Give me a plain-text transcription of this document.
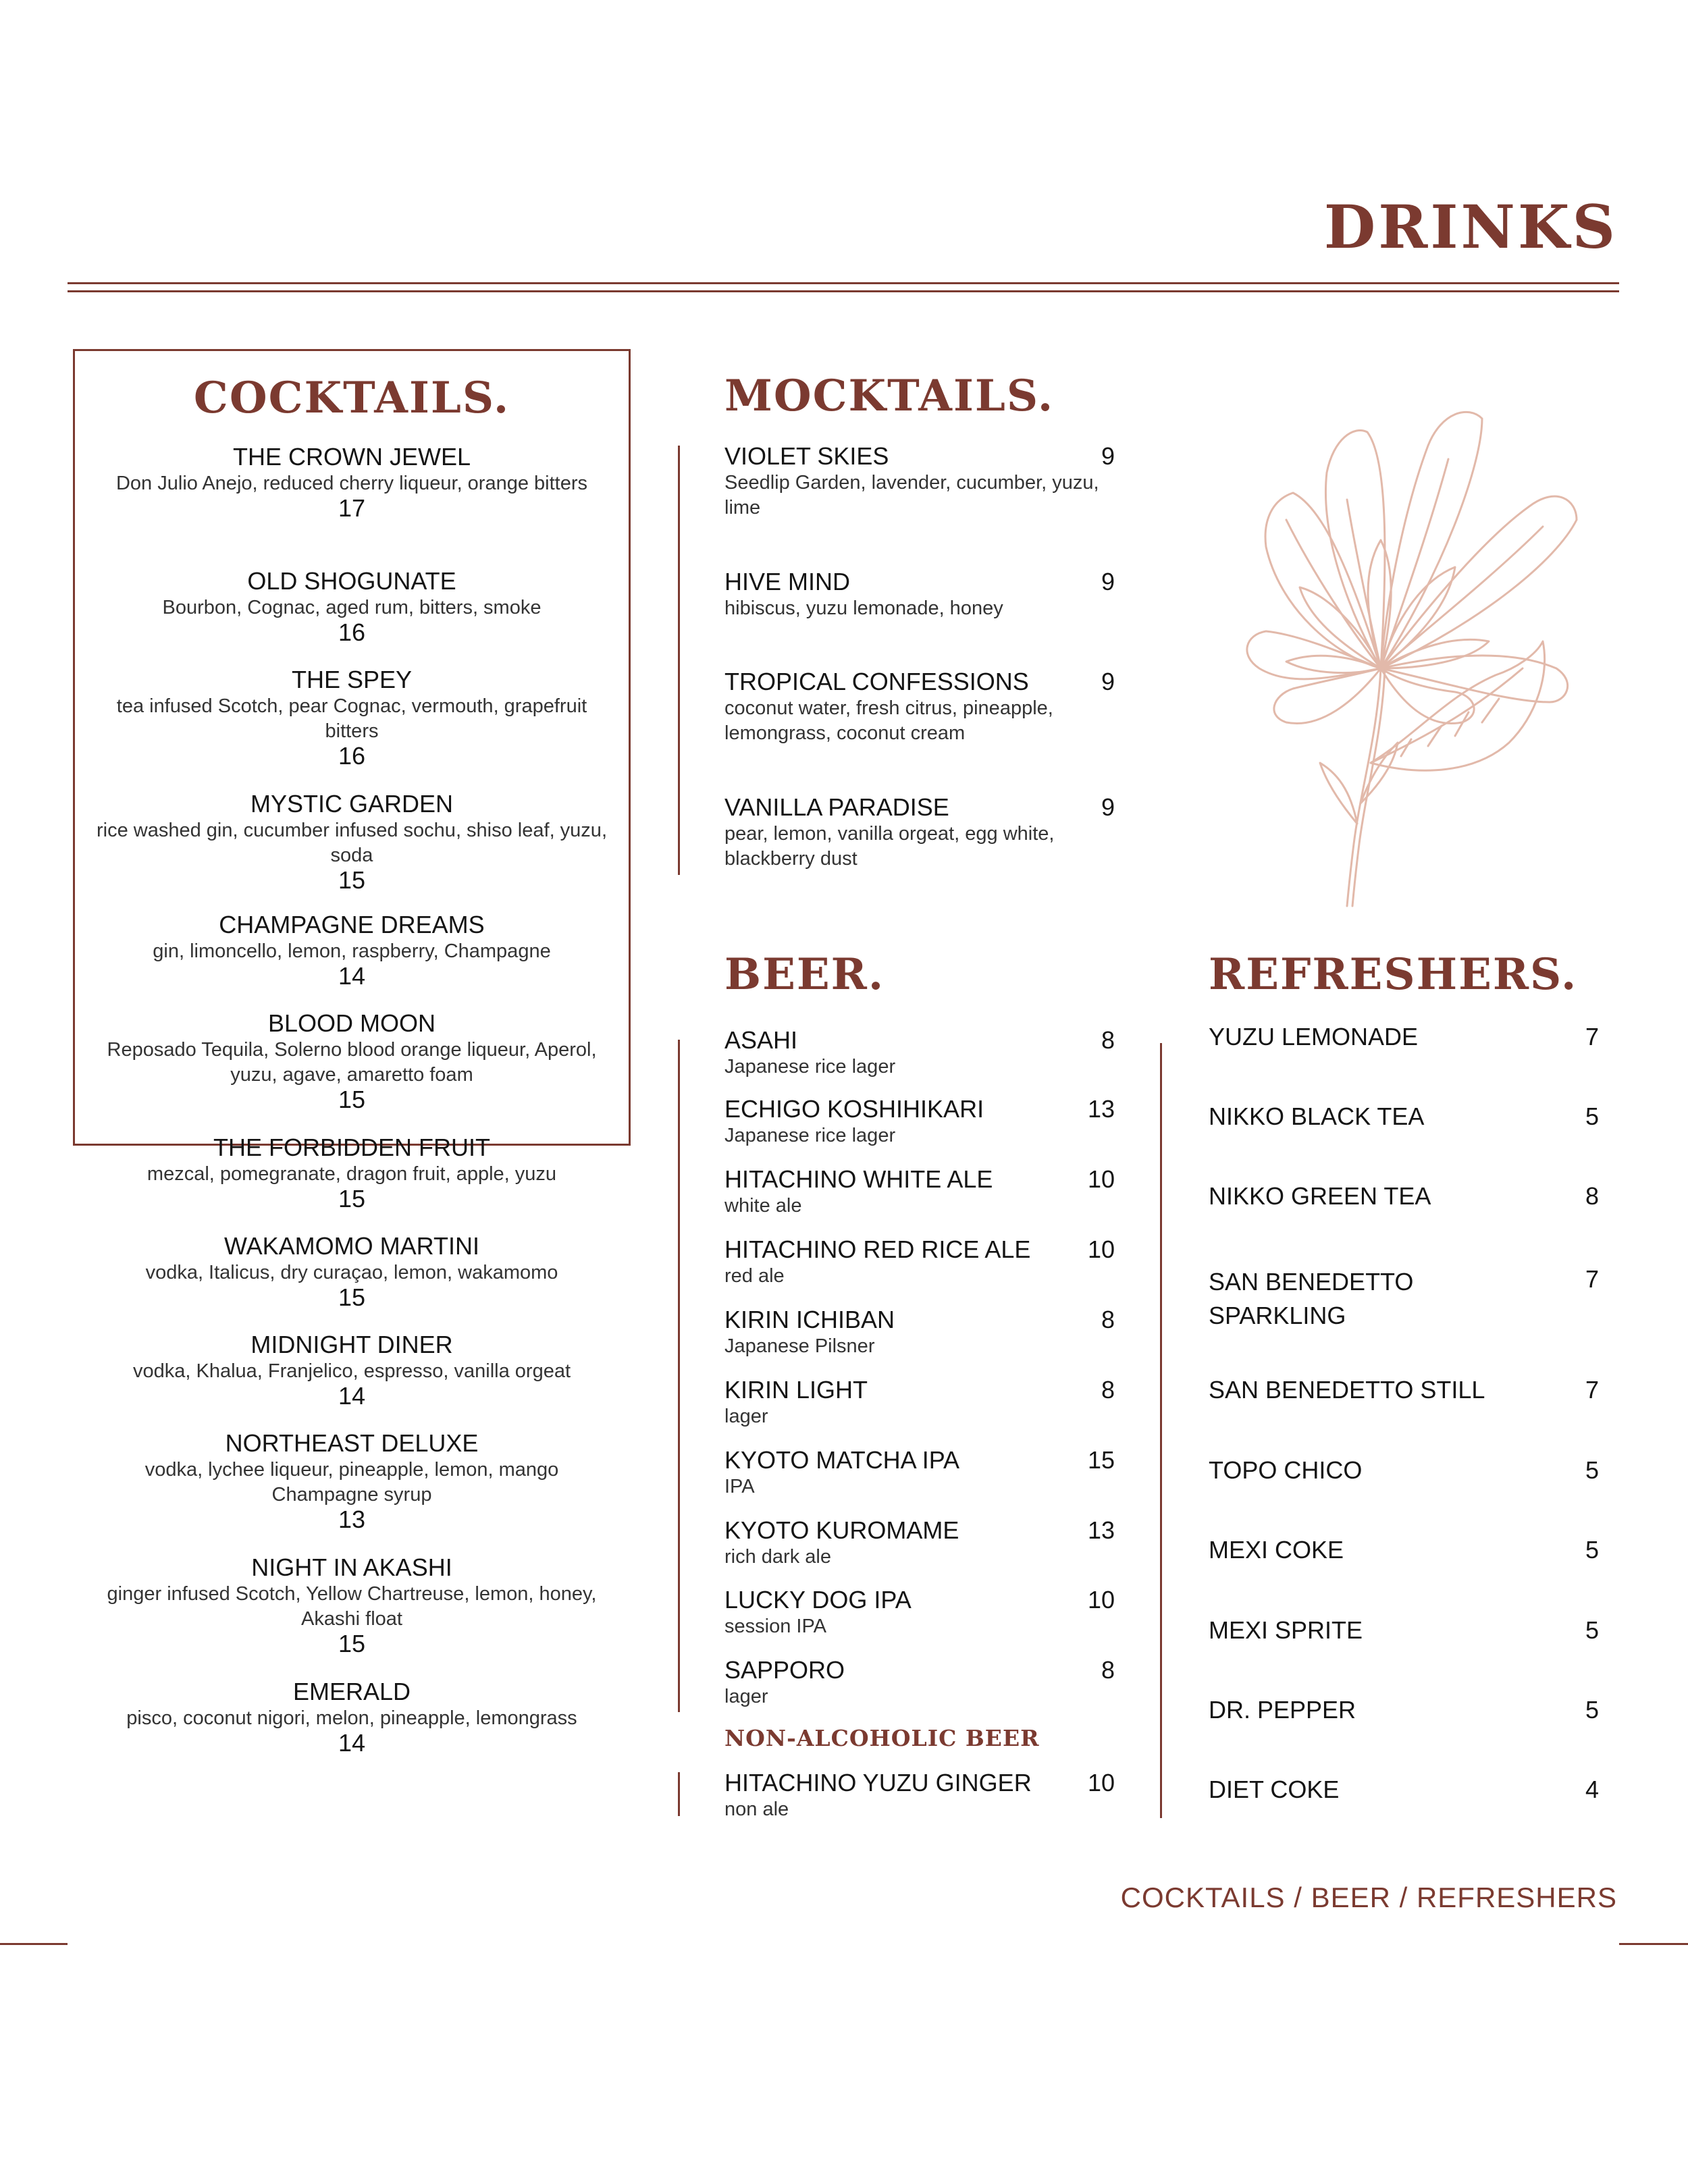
DRINKS
COCKTAILS.
THE CROWN JEWEL
Don Julio Anejo, reduced cherry liqueur, orange bitters
17
OLD SHOGUNATE
Bourbon, Cognac, aged rum, bitters, smoke
16
THE SPEY
tea infused Scotch, pear Cognac, vermouth, grapefruit bitters
16
MYSTIC GARDEN
rice washed gin, cucumber infused sochu, shiso leaf, yuzu, soda
15
CHAMPAGNE DREAMS
gin, limoncello, lemon, raspberry, Champagne
14
BLOOD MOON
Reposado Tequila, Solerno blood orange liqueur, Aperol, yuzu, agave, amaretto foam
15
THE FORBIDDEN FRUIT
mezcal, pomegranate, dragon fruit, apple, yuzu
15
WAKAMOMO MARTINI
vodka, Italicus, dry curaçao, lemon, wakamomo
15
MIDNIGHT DINER
vodka, Khalua, Franjelico, espresso, vanilla orgeat
14
NORTHEAST DELUXE
vodka, lychee liqueur, pineapple, lemon, mango Champagne syrup
13
NIGHT IN AKASHI
ginger infused Scotch, Yellow Chartreuse, lemon, honey, Akashi float
15
EMERALD
pisco, coconut nigori, melon, pineapple, lemongrass
14
MOCKTAILS.
VIOLET SKIES
Seedlip Garden, lavender, cucumber, yuzu, lime
9
HIVE MIND
hibiscus, yuzu lemonade, honey
9
TROPICAL CONFESSIONS
coconut water, fresh citrus, pineapple, lemongrass, coconut cream
9
VANILLA PARADISE
pear, lemon, vanilla orgeat, egg white, blackberry dust
9
BEER.
ASAHI
Japanese rice lager
8
ECHIGO KOSHIHIKARI
Japanese rice lager
13
HITACHINO WHITE ALE
white ale
10
HITACHINO RED RICE ALE
red ale
10
KIRIN ICHIBAN
Japanese Pilsner
8
KIRIN LIGHT
lager
8
KYOTO MATCHA IPA
IPA
15
KYOTO KUROMAME
rich dark ale
13
LUCKY DOG IPA
session IPA
10
SAPPORO
lager
8
NON-ALCOHOLIC BEER
HITACHINO YUZU GINGER
non ale
10
REFRESHERS.
YUZU LEMONADE	7
NIKKO BLACK TEA	5
NIKKO GREEN TEA	8
SAN BENEDETTO SPARKLING
7
SAN BENEDETTO STILL	7
TOPO CHICO	5
MEXI COKE	5
MEXI SPRITE	5
DR. PEPPER	5
DIET COKE	4
COCKTAILS / BEER / REFRESHERS
